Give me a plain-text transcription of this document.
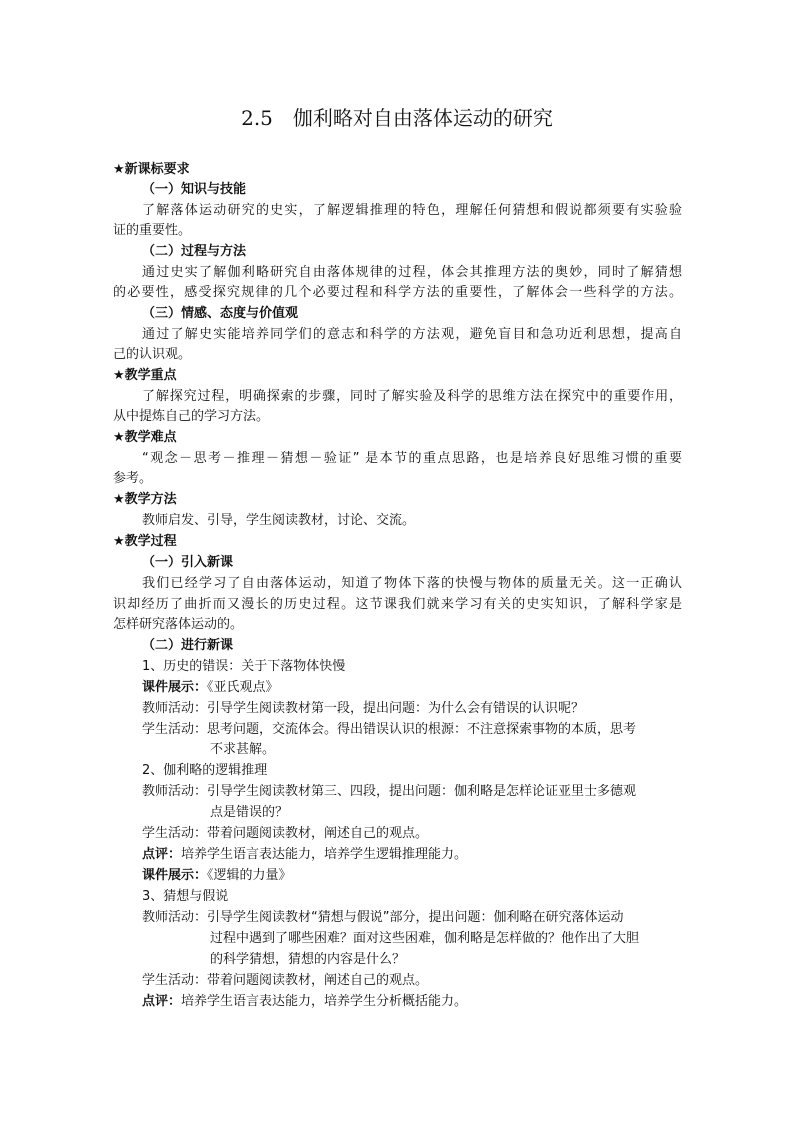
2.5 伽利略对自由落体运动的研究
★新课标要求
（一）知识与技能
了解落体运动研究的史实，了解逻辑推理的特色，理解任何猜想和假说都须要有实验验
证的重要性。
（二）过程与方法
通过史实了解伽利略研究自由落体规律的过程，体会其推理方法的奥妙，同时了解猜想
的必要性，感受探究规律的几个必要过程和科学方法的重要性，了解体会一些科学的方法。
（三）情感、态度与价值观
通过了解史实能培养同学们的意志和科学的方法观，避免盲目和急功近利思想，提高自
己的认识观。
★教学重点
了解探究过程，明确探索的步骤，同时了解实验及科学的思维方法在探究中的重要作用，
从中提炼自己的学习方法。
★教学难点
“观念－思考－推理－猜想－验证” 是本节的重点思路，也是培养良好思维习惯的重要
参考。
★教学方法
教师启发、引导，学生阅读教材，讨论、交流。
★教学过程
（一）引入新课
我们已经学习了自由落体运动，知道了物体下落的快慢与物体的质量无关。这一正确认
识却经历了曲折而又漫长的历史过程。这节课我们就来学习有关的史实知识，了解科学家是
怎样研究落体运动的。
（二）进行新课
1、历史的错误：关于下落物体快慢
课件展示：《亚氏观点》
教师活动：引导学生阅读教材第一段，提出问题：为什么会有错误的认识呢？
学生活动：思考问题，交流体会。得出错误认识的根源：不注意探索事物的本质，思考
不求甚解。
2、伽利略的逻辑推理
教师活动：引导学生阅读教材第三、四段，提出问题：伽利略是怎样论证亚里士多德观
点是错误的？
学生活动：带着问题阅读教材，阐述自己的观点。
点评：培养学生语言表达能力，培养学生逻辑推理能力。
课件展示：《逻辑的力量》
3、猜想与假说
教师活动：引导学生阅读教材“猜想与假说”部分，提出问题：伽利略在研究落体运动
过程中遇到了哪些困难？面对这些困难，伽利略是怎样做的？他作出了大胆
的科学猜想，猜想的内容是什么？
学生活动：带着问题阅读教材，阐述自己的观点。
点评：培养学生语言表达能力，培养学生分析概括能力。
